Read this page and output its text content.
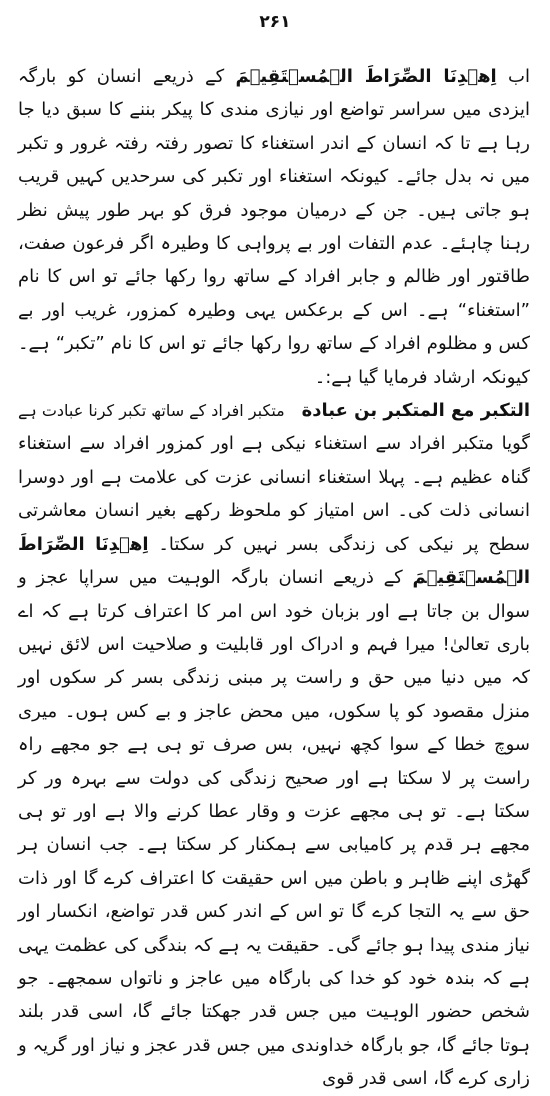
۲۶۱

اب اِهۡدِنَا الصِّرَاطَ الۡمُسۡتَقِيۡمَ کے ذریعے انسان کو بارگہ ایزدی میں سراسر تواضع اور نیازی مندی کا پیکر بننے کا سبق دیا جا رہا ہے تا کہ انسان کے اندر استغناء کا تصور رفتہ رفتہ غرور و تکبر میں نہ بدل جائے۔ کیونکہ استغناء اور تکبر کی سرحدیں کہیں قریب ہو جاتی ہیں۔ جن کے درمیان موجود فرق کو بہر طور پیش نظر رہنا چاہئے۔ عدم التفات اور بے پرواہی کا وطیرہ اگر فرعون صفت، طاقتور اور ظالم و جابر افراد کے ساتھ روا رکھا جائے تو اس کا نام ”استغناء“ ہے۔ اس کے برعکس یہی وطیرہ کمزور، غریب اور بے کس و مظلوم افراد کے ساتھ روا رکھا جائے تو اس کا نام ”تکبر“ ہے۔ کیونکہ ارشاد فرمایا گیا ہے:۔

التکبر مع المتکبر بن عبادة
متکبر افراد کے ساتھ تکبر کرنا عبادت ہے

گویا متکبر افراد سے استغناء نیکی ہے اور کمزور افراد سے استغناء گناہ عظیم ہے۔ پہلا استغناء انسانی عزت کی علامت ہے اور دوسرا انسانی ذلت کی۔ اس امتیاز کو ملحوظ رکھے بغیر انسان معاشرتی سطح پر نیکی کی زندگی بسر نہیں کر سکتا۔ اِهۡدِنَا الصِّرَاطَ الۡمُسۡتَقِيۡمَ کے ذریعے انسان بارگہ الوہیت میں سراپا عجز و سوال بن جاتا ہے اور بزبان خود اس امر کا اعتراف کرتا ہے کہ اے باری تعالیٰ! میرا فہم و ادراک اور قابلیت و صلاحیت اس لائق نہیں کہ میں دنیا میں حق و راست پر مبنی زندگی بسر کر سکوں اور منزل مقصود کو پا سکوں، میں محض عاجز و بے کس ہوں۔ میری سوچ خطا کے سوا کچھ نہیں، بس صرف تو ہی ہے جو مجھے راہ راست پر لا سکتا ہے اور صحیح زندگی کی دولت سے بہرہ ور کر سکتا ہے۔ تو ہی مجھے عزت و وقار عطا کرنے والا ہے اور تو ہی مجھے ہر قدم پر کامیابی سے ہمکنار کر سکتا ہے۔ جب انسان ہر گھڑی اپنے ظاہر و باطن میں اس حقیقت کا اعتراف کرے گا اور ذات حق سے یہ التجا کرے گا تو اس کے اندر کس قدر تواضع، انکسار اور نیاز مندی پیدا ہو جائے گی۔ حقیقت یہ ہے کہ بندگی کی عظمت یہی ہے کہ بندہ خود کو خدا کی بارگاہ میں عاجز و ناتواں سمجھے۔ جو شخص حضور الوہیت میں جس قدر جھکتا جائے گا، اسی قدر بلند ہوتا جائے گا، جو بارگاہ خداوندی میں جس قدر عجز و نیاز اور گریہ و زاری کرے گا، اسی قدر قوی
